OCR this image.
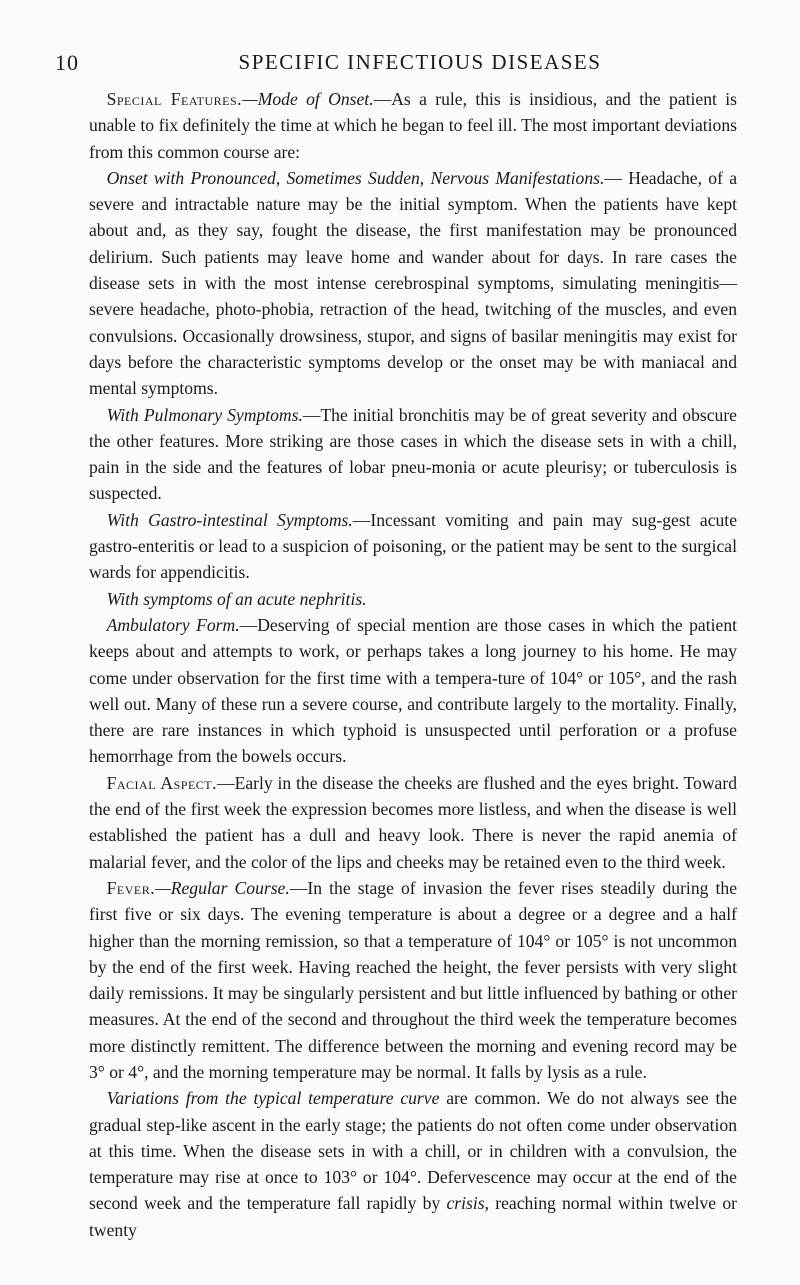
10	SPECIFIC INFECTIOUS DISEASES

 Special Features.—Mode of Onset.—As a rule, this is insidious, and the patient is unable to fix definitely the time at which he began to feel ill. The most important deviations from this common course are:

 Onset with Pronounced, Sometimes Sudden, Nervous Manifestations.— Headache, of a severe and intractable nature may be the initial symptom. When the patients have kept about and, as they say, fought the disease, the first manifestation may be pronounced delirium. Such patients may leave home and wander about for days. In rare cases the disease sets in with the most intense cerebrospinal symptoms, simulating meningitis—severe headache, photo-phobia, retraction of the head, twitching of the muscles, and even convulsions. Occasionally drowsiness, stupor, and signs of basilar meningitis may exist for days before the characteristic symptoms develop or the onset may be with maniacal and mental symptoms.

 With Pulmonary Symptoms.—The initial bronchitis may be of great severity and obscure the other features. More striking are those cases in which the disease sets in with a chill, pain in the side and the features of lobar pneu-monia or acute pleurisy; or tuberculosis is suspected.

 With Gastro-intestinal Symptoms.—Incessant vomiting and pain may sug-gest acute gastro-enteritis or lead to a suspicion of poisoning, or the patient may be sent to the surgical wards for appendicitis.

 With symptoms of an acute nephritis.

 Ambulatory Form.—Deserving of special mention are those cases in which the patient keeps about and attempts to work, or perhaps takes a long journey to his home. He may come under observation for the first time with a tempera-ture of 104° or 105°, and the rash well out. Many of these run a severe course, and contribute largely to the mortality. Finally, there are rare instances in which typhoid is unsuspected until perforation or a profuse hemorrhage from the bowels occurs.

 Facial Aspect.—Early in the disease the cheeks are flushed and the eyes bright. Toward the end of the first week the expression becomes more listless, and when the disease is well established the patient has a dull and heavy look. There is never the rapid anemia of malarial fever, and the color of the lips and cheeks may be retained even to the third week.

 Fever.—Regular Course.—In the stage of invasion the fever rises steadily during the first five or six days. The evening temperature is about a degree or a degree and a half higher than the morning remission, so that a temperature of 104° or 105° is not uncommon by the end of the first week. Having reached the height, the fever persists with very slight daily remissions. It may be singularly persistent and but little influenced by bathing or other measures. At the end of the second and throughout the third week the temperature becomes more distinctly remittent. The difference between the morning and evening record may be 3° or 4°, and the morning temperature may be normal. It falls by lysis as a rule.

 Variations from the typical temperature curve are common. We do not always see the gradual step-like ascent in the early stage; the patients do not often come under observation at this time. When the disease sets in with a chill, or in children with a convulsion, the temperature may rise at once to 103° or 104°. Defervescence may occur at the end of the second week and the temperature fall rapidly by crisis, reaching normal within twelve or twenty
